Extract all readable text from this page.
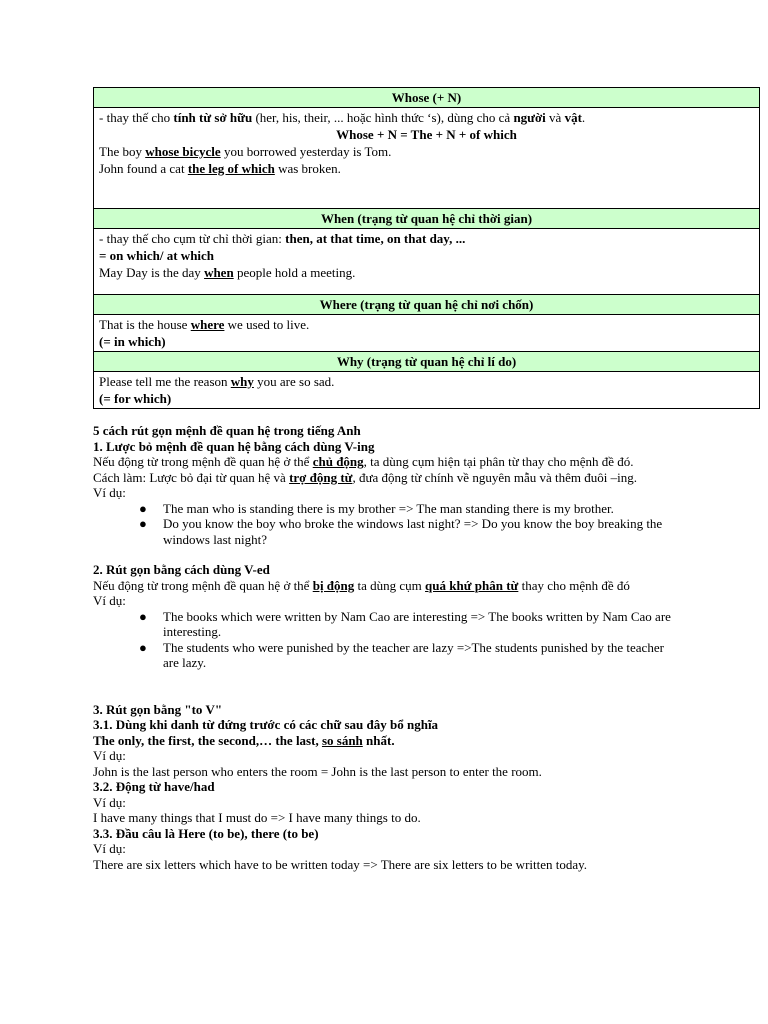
Whose (+ N)

- thay thế cho tính từ sở hữu (her, his, their, ... hoặc hình thức ‘s), dùng cho cả người và vật.
Whose + N = The + N + of which
The boy whose bicycle you borrowed yesterday is Tom.
John found a cat the leg of which was broken.

When (trạng từ quan hệ chỉ thời gian)

- thay thế cho cụm từ chỉ thời gian: then, at that time, on that day, ...
= on which/ at which
May Day is the day when people hold a meeting.

Where (trạng từ quan hệ chỉ nơi chốn)

That is the house where we used to live.
(= in which)

Why (trạng từ quan hệ chỉ lí do)

Please tell me the reason why you are so sad.
(= for which)

5 cách rút gọn mệnh đề quan hệ trong tiếng Anh

1. Lược bỏ mệnh đề quan hệ bằng cách dùng V-ing

Nếu động từ trong mệnh đề quan hệ ở thể chủ động, ta dùng cụm hiện tại phân từ thay cho mệnh đề đó.

Cách làm: Lược bỏ đại từ quan hệ và trợ động từ, đưa động từ chính về nguyên mẫu và thêm đuôi –ing.

Ví dụ:

● The man who is standing there is my brother => The man standing there is my brother.
● Do you know the boy who broke the windows last night? => Do you know the boy breaking the windows last night?

2. Rút gọn bằng cách dùng V-ed

Nếu động từ trong mệnh đề quan hệ ở thể bị động ta dùng cụm quá khứ phân từ thay cho mệnh đề đó

Ví dụ:

● The books which were written by Nam Cao are interesting => The books written by Nam Cao are interesting.
● The students who were punished by the teacher are lazy =>The students punished by the teacher are lazy.

3. Rút gọn bằng "to V"

3.1. Dùng khi danh từ đứng trước có các chữ sau đây bổ nghĩa

The only, the first, the second,… the last, so sánh nhất.

Ví dụ:

John is the last person who enters the room = John is the last person to enter the room.

3.2. Động từ have/had

Ví dụ:

I have many things that I must do => I have many things to do.

3.3. Đầu câu là Here (to be), there (to be)

Ví dụ:

There are six letters which have to be written today => There are six letters to be written today.
